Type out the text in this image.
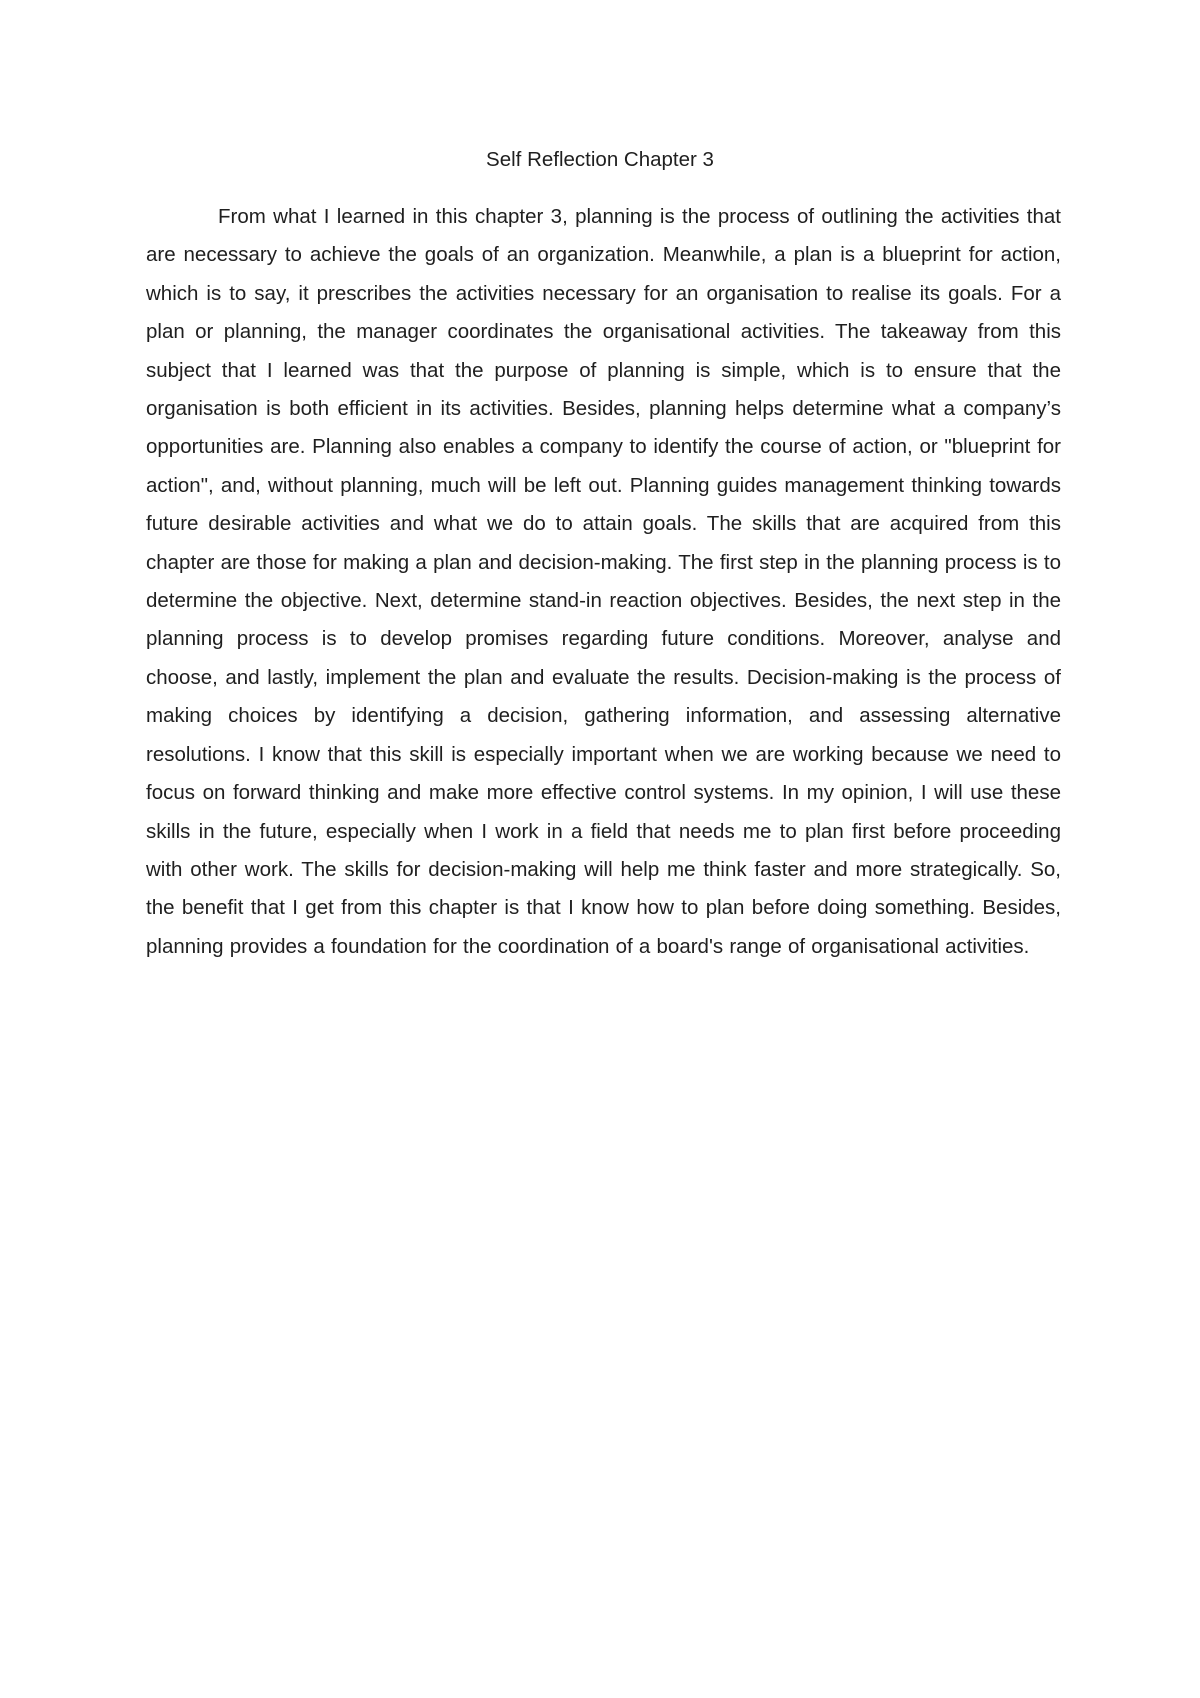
Self Reflection Chapter 3

From what I learned in this chapter 3, planning is the process of outlining the activities that are necessary to achieve the goals of an organization. Meanwhile, a plan is a blueprint for action, which is to say, it prescribes the activities necessary for an organisation to realise its goals. For a plan or planning, the manager coordinates the organisational activities. The takeaway from this subject that I learned was that the purpose of planning is simple, which is to ensure that the organisation is both efficient in its activities. Besides, planning helps determine what a company’s opportunities are. Planning also enables a company to identify the course of action, or "blueprint for action", and, without planning, much will be left out. Planning guides management thinking towards future desirable activities and what we do to attain goals. The skills that are acquired from this chapter are those for making a plan and decision-making. The first step in the planning process is to determine the objective. Next, determine stand-in reaction objectives. Besides, the next step in the planning process is to develop promises regarding future conditions. Moreover, analyse and choose, and lastly, implement the plan and evaluate the results. Decision-making is the process of making choices by identifying a decision, gathering information, and assessing alternative resolutions. I know that this skill is especially important when we are working because we need to focus on forward thinking and make more effective control systems. In my opinion, I will use these skills in the future, especially when I work in a field that needs me to plan first before proceeding with other work. The skills for decision-making will help me think faster and more strategically. So, the benefit that I get from this chapter is that I know how to plan before doing something. Besides, planning provides a foundation for the coordination of a board's range of organisational activities.
